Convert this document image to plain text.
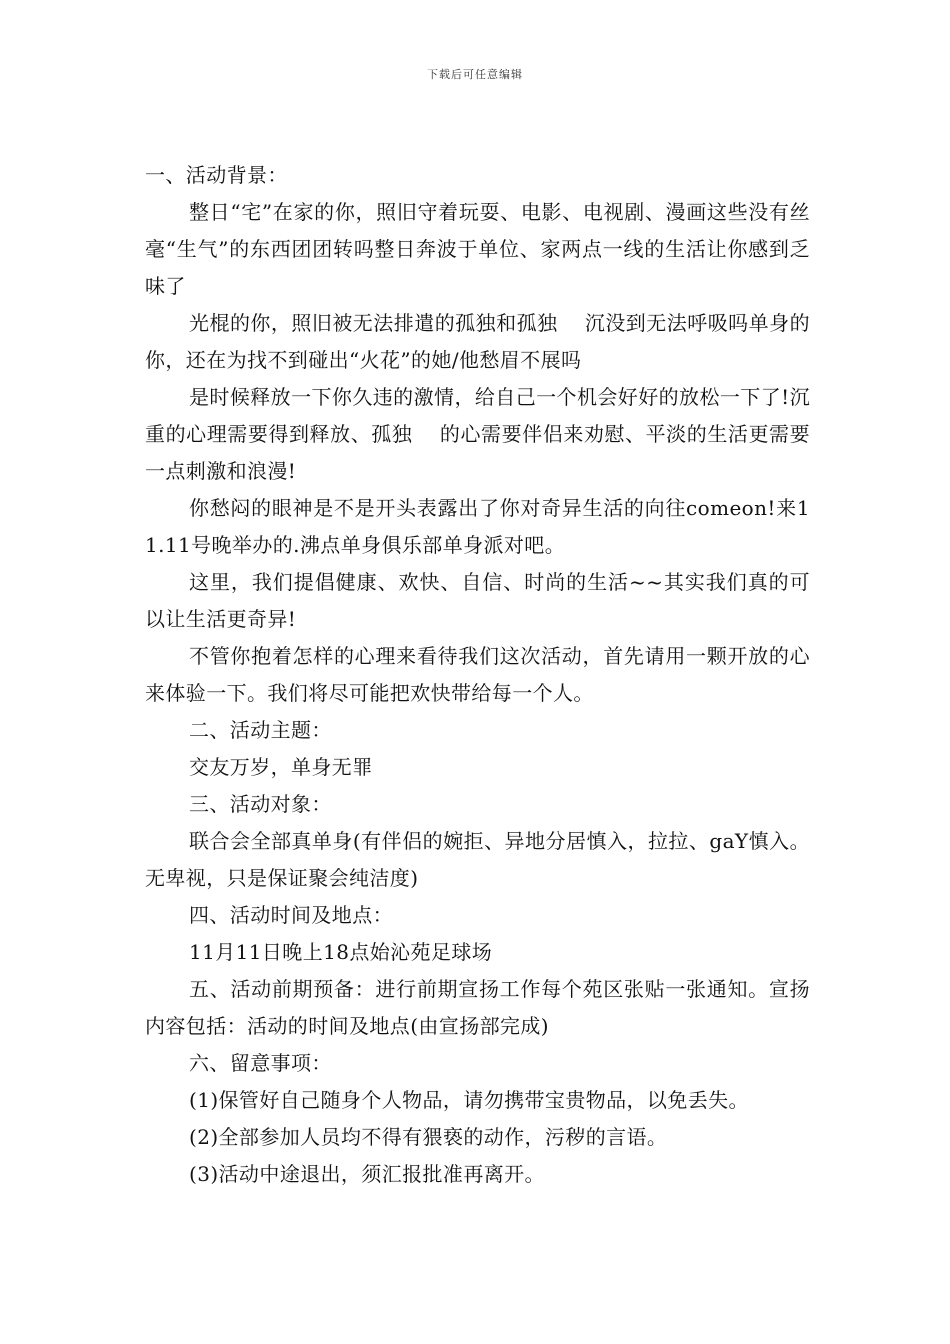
下载后可任意编辑

一、活动背景：

整日“宅”在家的你，照旧守着玩耍、电影、电视剧、漫画这些没有丝毫“生气”的东西团团转吗整日奔波于单位、家两点一线的生活让你感到乏味了

光棍的你，照旧被无法排遣的孤独和孤独　 沉没到无法呼吸吗单身的你，还在为找不到碰出“火花”的她/他愁眉不展吗

是时候释放一下你久违的激情，给自己一个机会好好的放松一下了!沉重的心理需要得到释放、孤独　 的心需要伴侣来劝慰、平淡的生活更需要一点刺激和浪漫!

你愁闷的眼神是不是开头表露出了你对奇异生活的向往comeon!来11.11号晚举办的.沸点单身俱乐部单身派对吧。

这里，我们提倡健康、欢快、自信、时尚的生活~~其实我们真的可以让生活更奇异!

不管你抱着怎样的心理来看待我们这次活动，首先请用一颗开放的心来体验一下。我们将尽可能把欢快带给每一个人。

二、活动主题：

交友万岁，单身无罪

三、活动对象：

联合会全部真单身(有伴侣的婉拒、异地分居慎入，拉拉、gaY慎入。无卑视，只是保证聚会纯洁度)

四、活动时间及地点：

11月11日晚上18点始沁苑足球场

五、活动前期预备：进行前期宣扬工作每个苑区张贴一张通知。宣扬内容包括：活动的时间及地点(由宣扬部完成)

六、留意事项：

(1)保管好自己随身个人物品，请勿携带宝贵物品，以免丢失。

(2)全部参加人员均不得有猥亵的动作，污秽的言语。

(3)活动中途退出，须汇报批准再离开。
